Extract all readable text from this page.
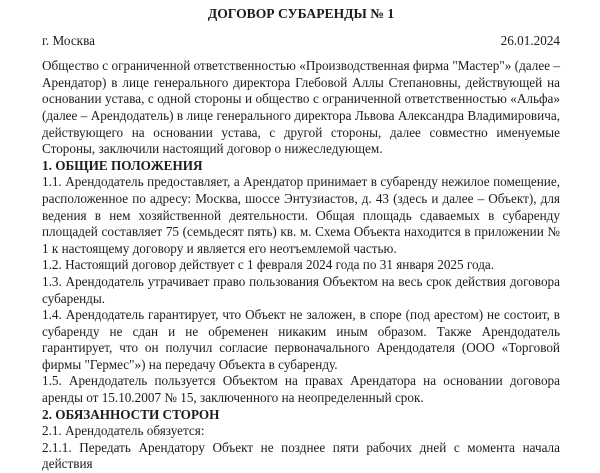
ДОГОВОР СУБАРЕНДЫ № 1

г. Москва	26.01.2024

Общество с ограниченной ответственностью «Производственная фирма "Мастер"» (далее – Арендатор) в лице генерального директора Глебовой Аллы Степановны, действующей на основании устава, с одной стороны и общество с ограниченной ответственностью «Альфа» (далее – Арендодатель) в лице генерального директора Львова Александра Владимировича, действующего на основании устава, с другой стороны, далее совместно именуемые Стороны, заключили настоящий договор о нижеследующем.

1. ОБЩИЕ ПОЛОЖЕНИЯ

1.1. Арендодатель предоставляет, а Арендатор принимает в субаренду нежилое помещение, расположенное по адресу: Москва, шоссе Энтузиастов, д. 43 (здесь и далее – Объект), для ведения в нем хозяйственной деятельности. Общая площадь сдаваемых в субаренду площадей составляет 75 (семьдесят пять) кв. м. Схема Объекта находится в приложении № 1 к настоящему договору и является его неотъемлемой частью.

1.2. Настоящий договор действует с 1 февраля 2024 года по 31 января 2025 года.

1.3. Арендодатель утрачивает право пользования Объектом на весь срок действия договора субаренды.

1.4. Арендодатель гарантирует, что Объект не заложен, в споре (под арестом) не состоит, в субаренду не сдан и не обременен никаким иным образом. Также Арендодатель гарантирует, что он получил согласие первоначального Арендодателя (ООО «Торговой фирмы "Гермес"») на передачу Объекта в субаренду.

1.5. Арендодатель пользуется Объектом на правах Арендатора на основании договора аренды от 15.10.2007 № 15, заключенного на неопределенный срок.

2. ОБЯЗАННОСТИ СТОРОН

2.1. Арендодатель обязуется:

2.1.1. Передать Арендатору Объект не позднее пяти рабочих дней с момента начала действия
